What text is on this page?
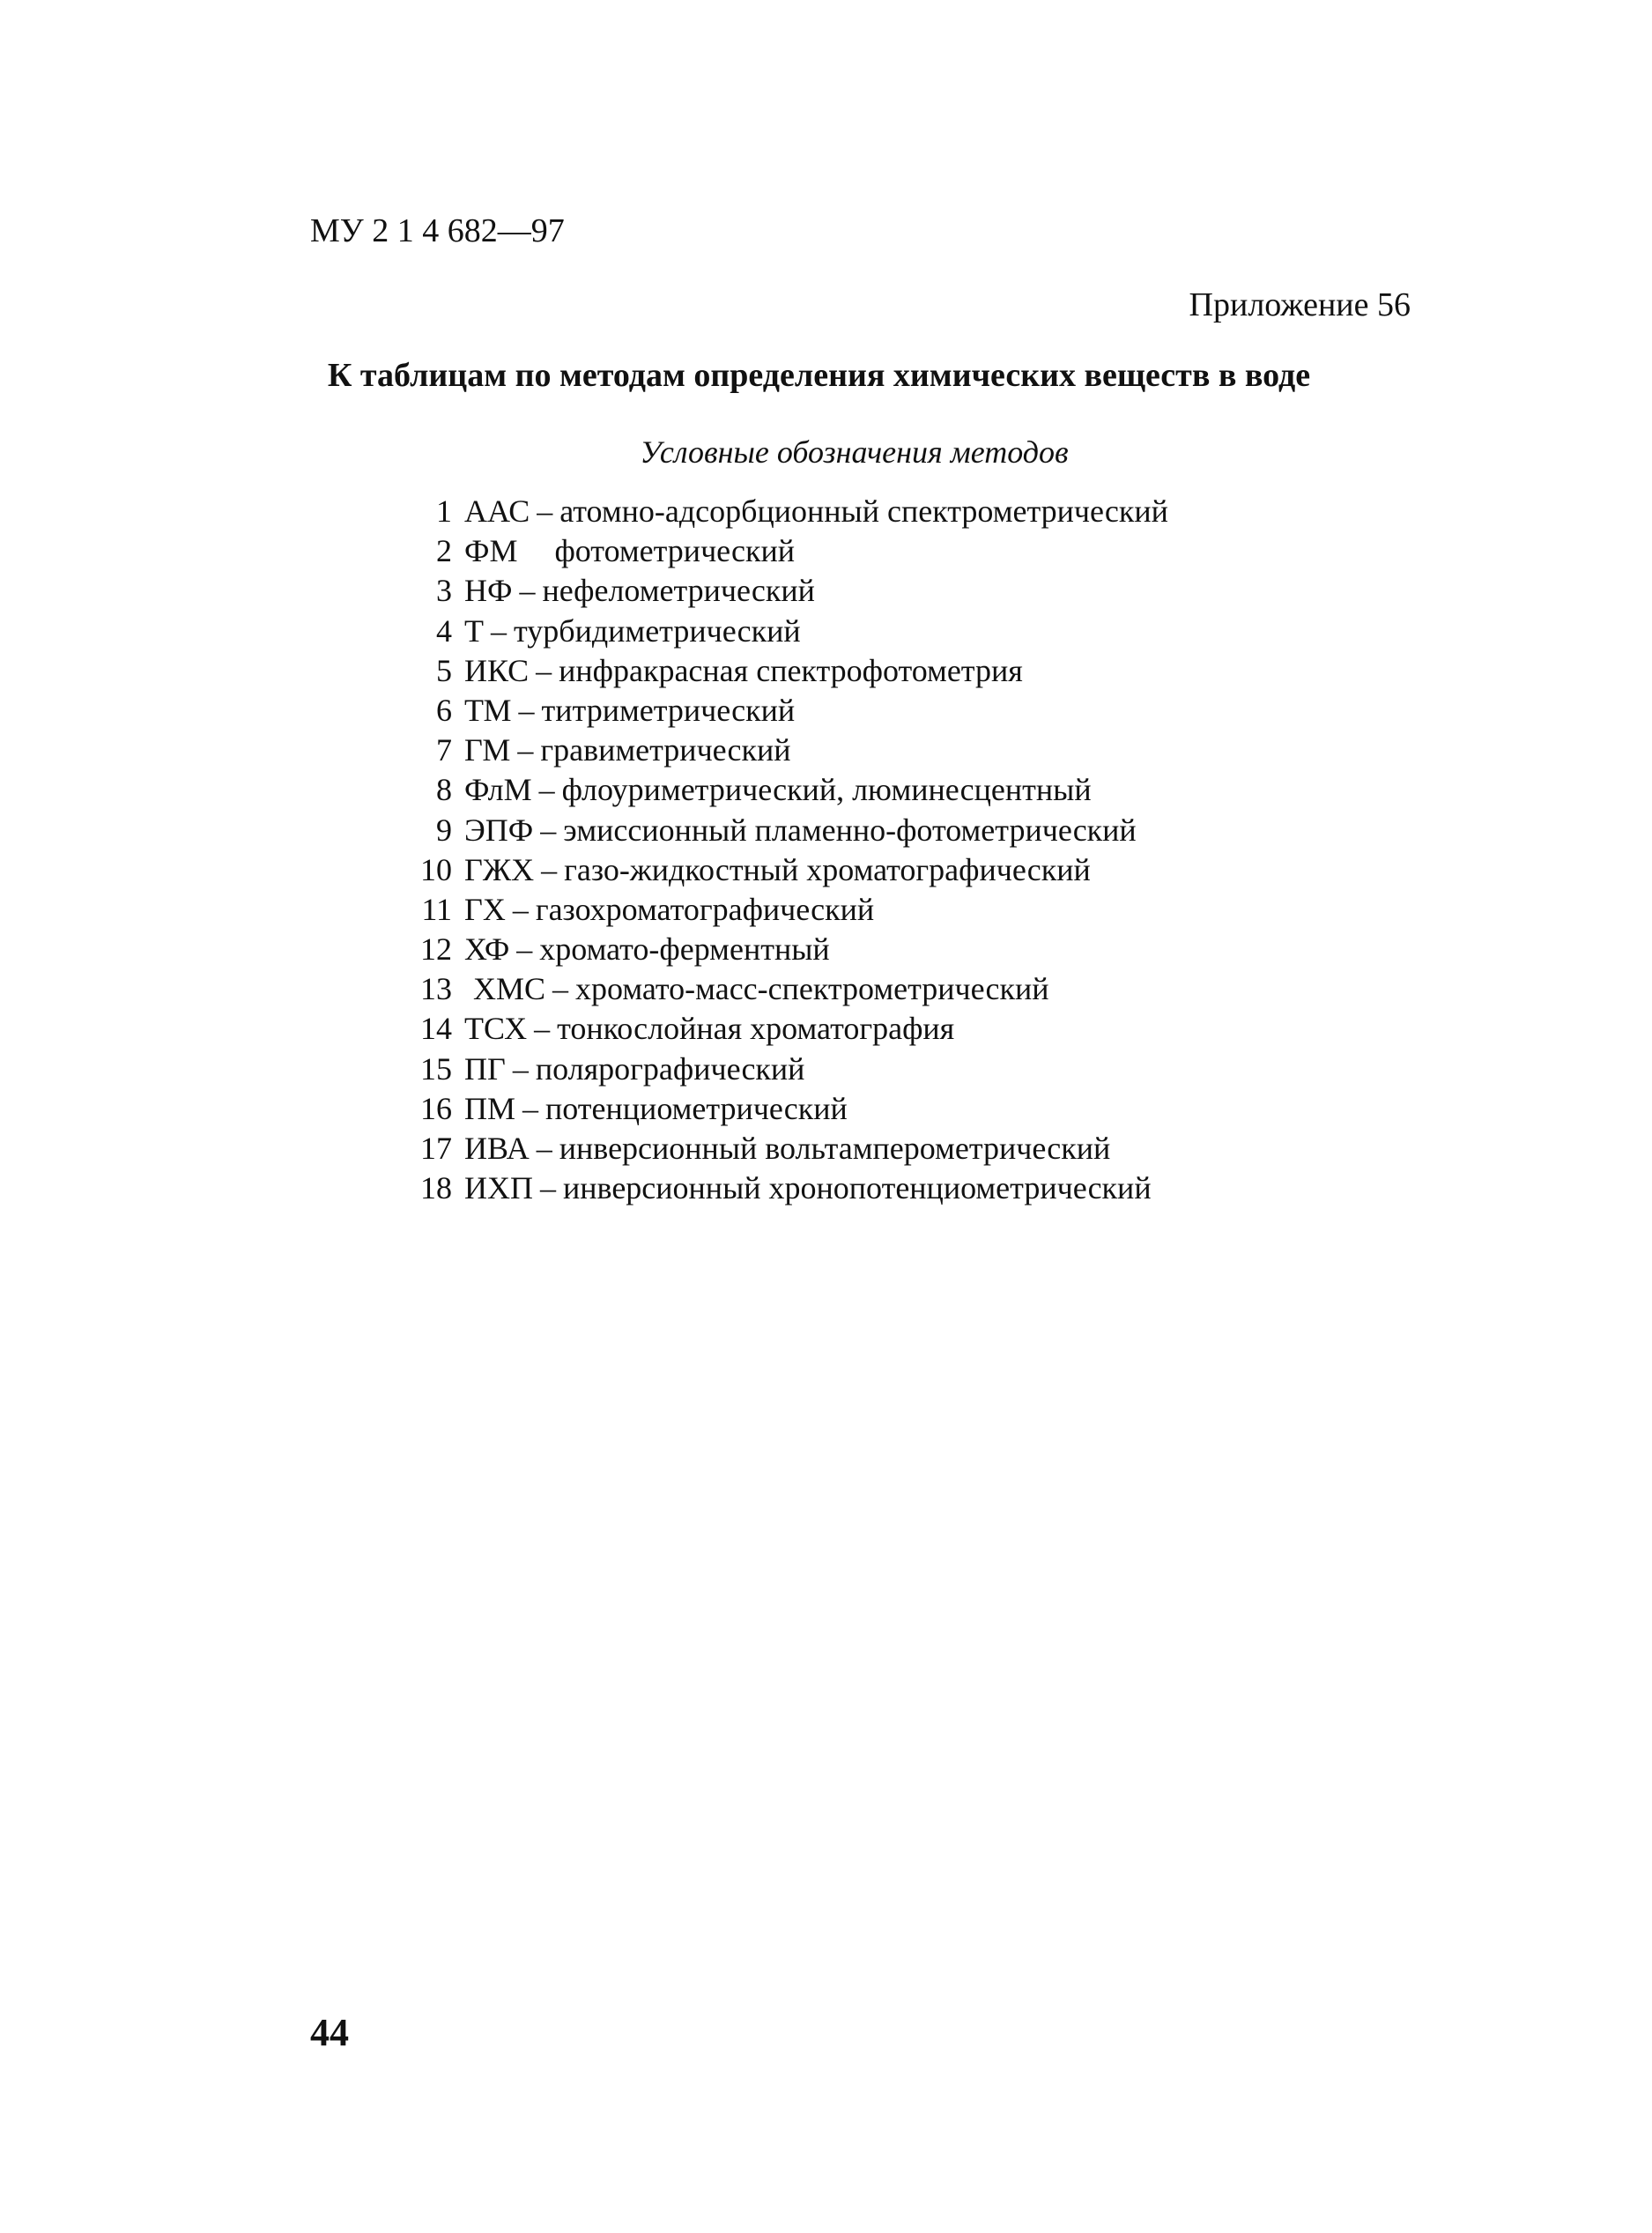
МУ 2 1 4 682—97
Приложение 56
К таблицам по методам определения химических веществ в воде
Условные обозначения методов
1 ААС – атомно-адсорбционный спектрометрический
2 ФМ фотометрический
3 НФ – нефелометрический
4 Т – турбидиметрический
5 ИКС – инфракрасная спектрофотометрия
6 ТМ – титриметрический
7 ГМ – гравиметрический
8 ФлМ – флоуриметрический, люминесцентный
9 ЭПФ – эмиссионный пламенно-фотометрический
10 ГЖХ – газо-жидкостный хроматографический
11 ГХ – газохроматографический
12 ХФ – хромато-ферментный
13 ХМС – хромато-масс-спектрометрический
14 ТСХ – тонкослойная хроматография
15 ПГ – полярографический
16 ПМ – потенциометрический
17 ИВА – инверсионный вольтамперометрический
18 ИХП – инверсионный хронопотенциометрический
44
